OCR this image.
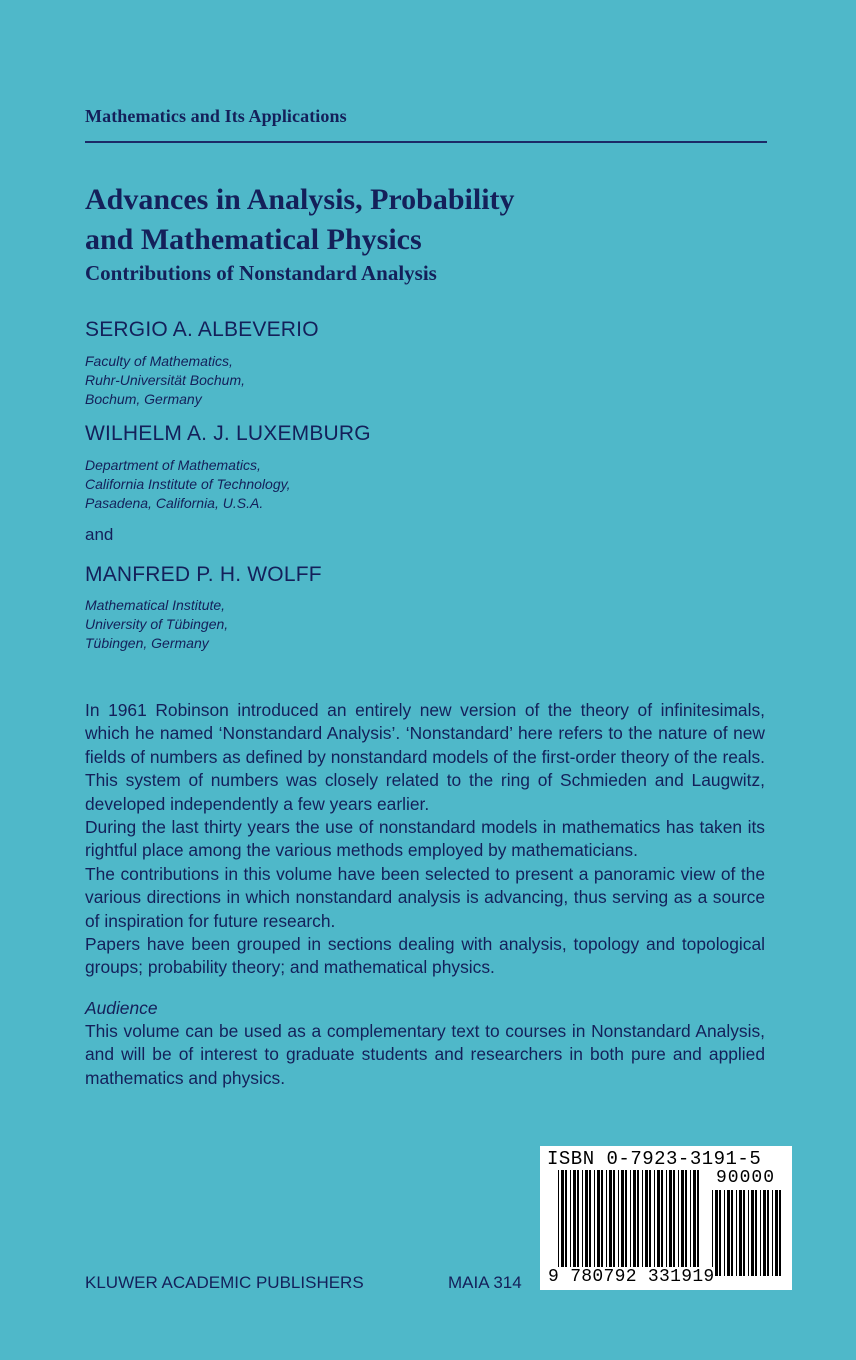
Mathematics and Its Applications
Advances in Analysis, Probability
and Mathematical Physics
Contributions of Nonstandard Analysis
SERGIO A. ALBEVERIO
Faculty of Mathematics,
Ruhr-Universität Bochum,
Bochum, Germany
WILHELM A. J. LUXEMBURG
Department of Mathematics,
California Institute of Technology,
Pasadena, California, U.S.A.
and
MANFRED P. H. WOLFF
Mathematical Institute,
University of Tübingen,
Tübingen, Germany

In 1961 Robinson introduced an entirely new version of the theory of infinitesimals, which he named ‘Nonstandard Analysis’. ‘Nonstandard’ here refers to the nature of new fields of numbers as defined by nonstandard models of the first-order theory of the reals. This system of numbers was closely related to the ring of Schmieden and Laugwitz, developed independently a few years earlier.

During the last thirty years the use of nonstandard models in mathematics has taken its rightful place among the various methods employed by mathematicians.

The contributions in this volume have been selected to present a panoramic view of the various directions in which nonstandard analysis is advancing, thus serving as a source of inspiration for future research.

Papers have been grouped in sections dealing with analysis, topology and topological groups; probability theory; and mathematical physics.

Audience
This volume can be used as a complementary text to courses in Nonstandard Analysis, and will be of interest to graduate students and researchers in both pure and applied mathematics and physics.
KLUWER ACADEMIC PUBLISHERS	MAIA 314
ISBN 0-7923-3191-5
90000
9 780792 331919
